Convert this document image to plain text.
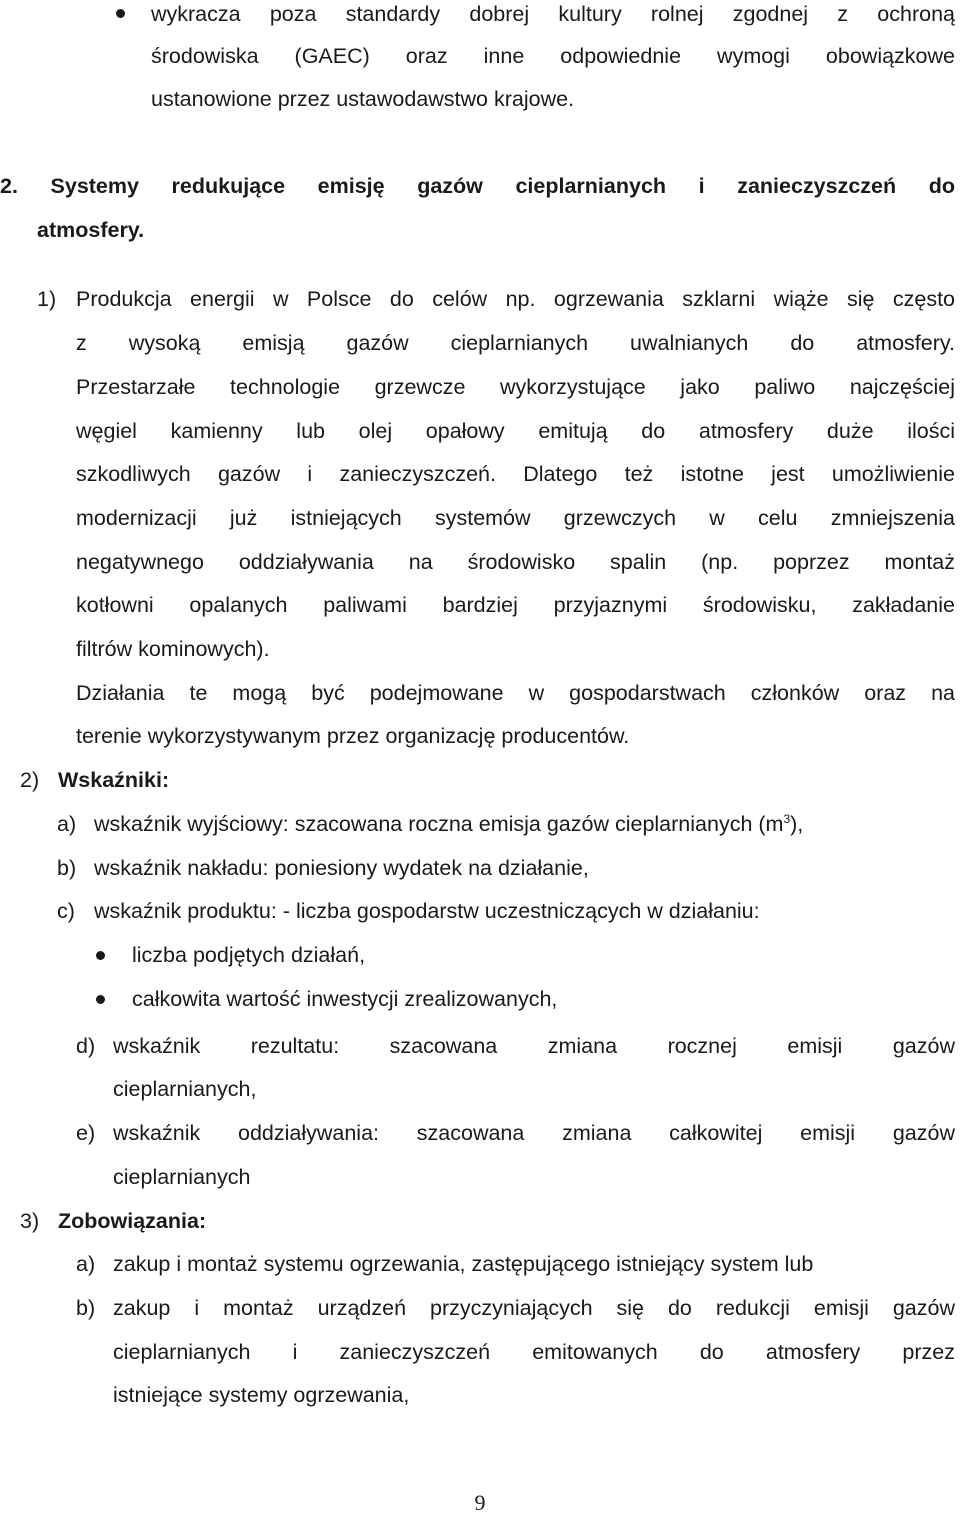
wykracza poza standardy dobrej kultury rolnej zgodnej z ochroną
środowiska (GAEC) oraz inne odpowiednie wymogi obowiązkowe
ustanowione przez ustawodawstwo krajowe.
2. Systemy redukujące emisję gazów cieplarnianych i zanieczyszczeń do
atmosfery.
1) Produkcja energii w Polsce do celów np. ogrzewania szklarni wiąże się często
z wysoką emisją gazów cieplarnianych uwalnianych do atmosfery.
Przestarzałe technologie grzewcze wykorzystujące jako paliwo najczęściej
węgiel kamienny lub olej opałowy emitują do atmosfery duże ilości
szkodliwych gazów i zanieczyszczeń. Dlatego też istotne jest umożliwienie
modernizacji już istniejących systemów grzewczych w celu zmniejszenia
negatywnego oddziaływania na środowisko spalin (np. poprzez montaż
kotłowni opalanych paliwami bardziej przyjaznymi środowisku, zakładanie
filtrów kominowych).
Działania te mogą być podejmowane w gospodarstwach członków oraz na
terenie wykorzystywanym przez organizację producentów.
2) Wskaźniki:
a) wskaźnik wyjściowy: szacowana roczna emisja gazów cieplarnianych $(m^3)$,
b) wskaźnik nakładu: poniesiony wydatek na działanie,
c) wskaźnik produktu: - liczba gospodarstw uczestniczących w działaniu:
liczba podjętych działań,
całkowita wartość inwestycji zrealizowanych,
d) wskaźnik rezultatu: szacowana zmiana rocznej emisji gazów
cieplarnianych,
e) wskaźnik oddziaływania: szacowana zmiana całkowitej emisji gazów
cieplarnianych
3) Zobowiązania:
a) zakup i montaż systemu ogrzewania, zastępującego istniejący system lub
b) zakup i montaż urządzeń przyczyniających się do redukcji emisji gazów
cieplarnianych i zanieczyszczeń emitowanych do atmosfery przez
istniejące systemy ogrzewania,
9
